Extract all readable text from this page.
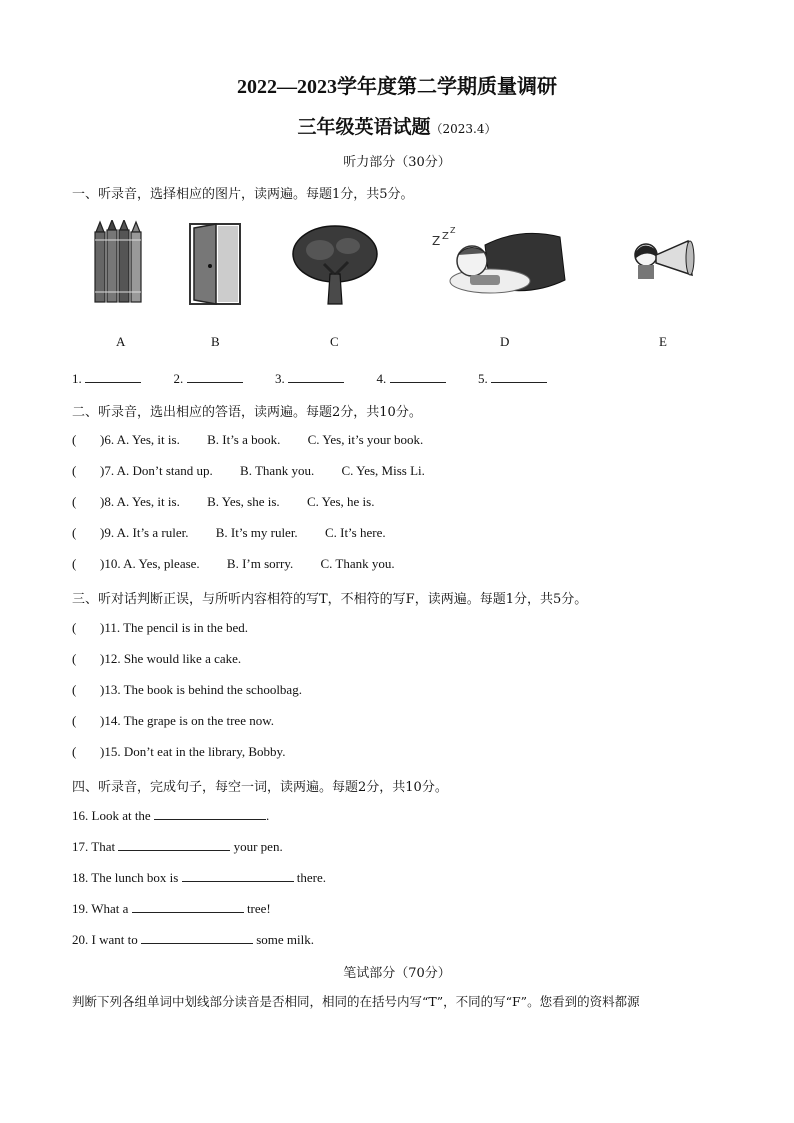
2022—2023学年度第二学期质量调研
三年级英语试题（2023.4）
听力部分（30分）
一、听录音，选择相应的图片，读两遍。每题1分，共5分。
Z Z
Z
A	B	C	D	E
1.	2.	3.	4.	5.
二、听录音，选出相应的答语，读两遍。每题2分，共10分。
( )6. A. Yes, it is. B. It’s a book. C. Yes, it’s your book.
( )7. A. Don’t stand up. B. Thank you. C. Yes, Miss Li.
( )8. A. Yes, it is. B. Yes, she is. C. Yes, he is.
( )9. A. It’s a ruler. B. It’s my ruler. C. It’s here.
( )10. A. Yes, please. B. I’m sorry. C. Thank you.
三、听对话判断正误，与所听内容相符的写T，不相符的写F，读两遍。每题1分，共5分。
( )11. The pencil is in the bed.
( )12. She would like a cake.
( )13. The book is behind the schoolbag.
( )14. The grape is on the tree now.
( )15. Don’t eat in the library, Bobby.
四、听录音，完成句子，每空一词，读两遍。每题2分，共10分。
16. Look at the	.
17. That	your pen.
18. The lunch box is	there.
19. What a	tree!
20. I want to	some milk.
笔试部分（70分）
判断下列各组单词中划线部分读音是否相同，相同的在括号内写“T”，不同的写“F”。您看到的资料都源
